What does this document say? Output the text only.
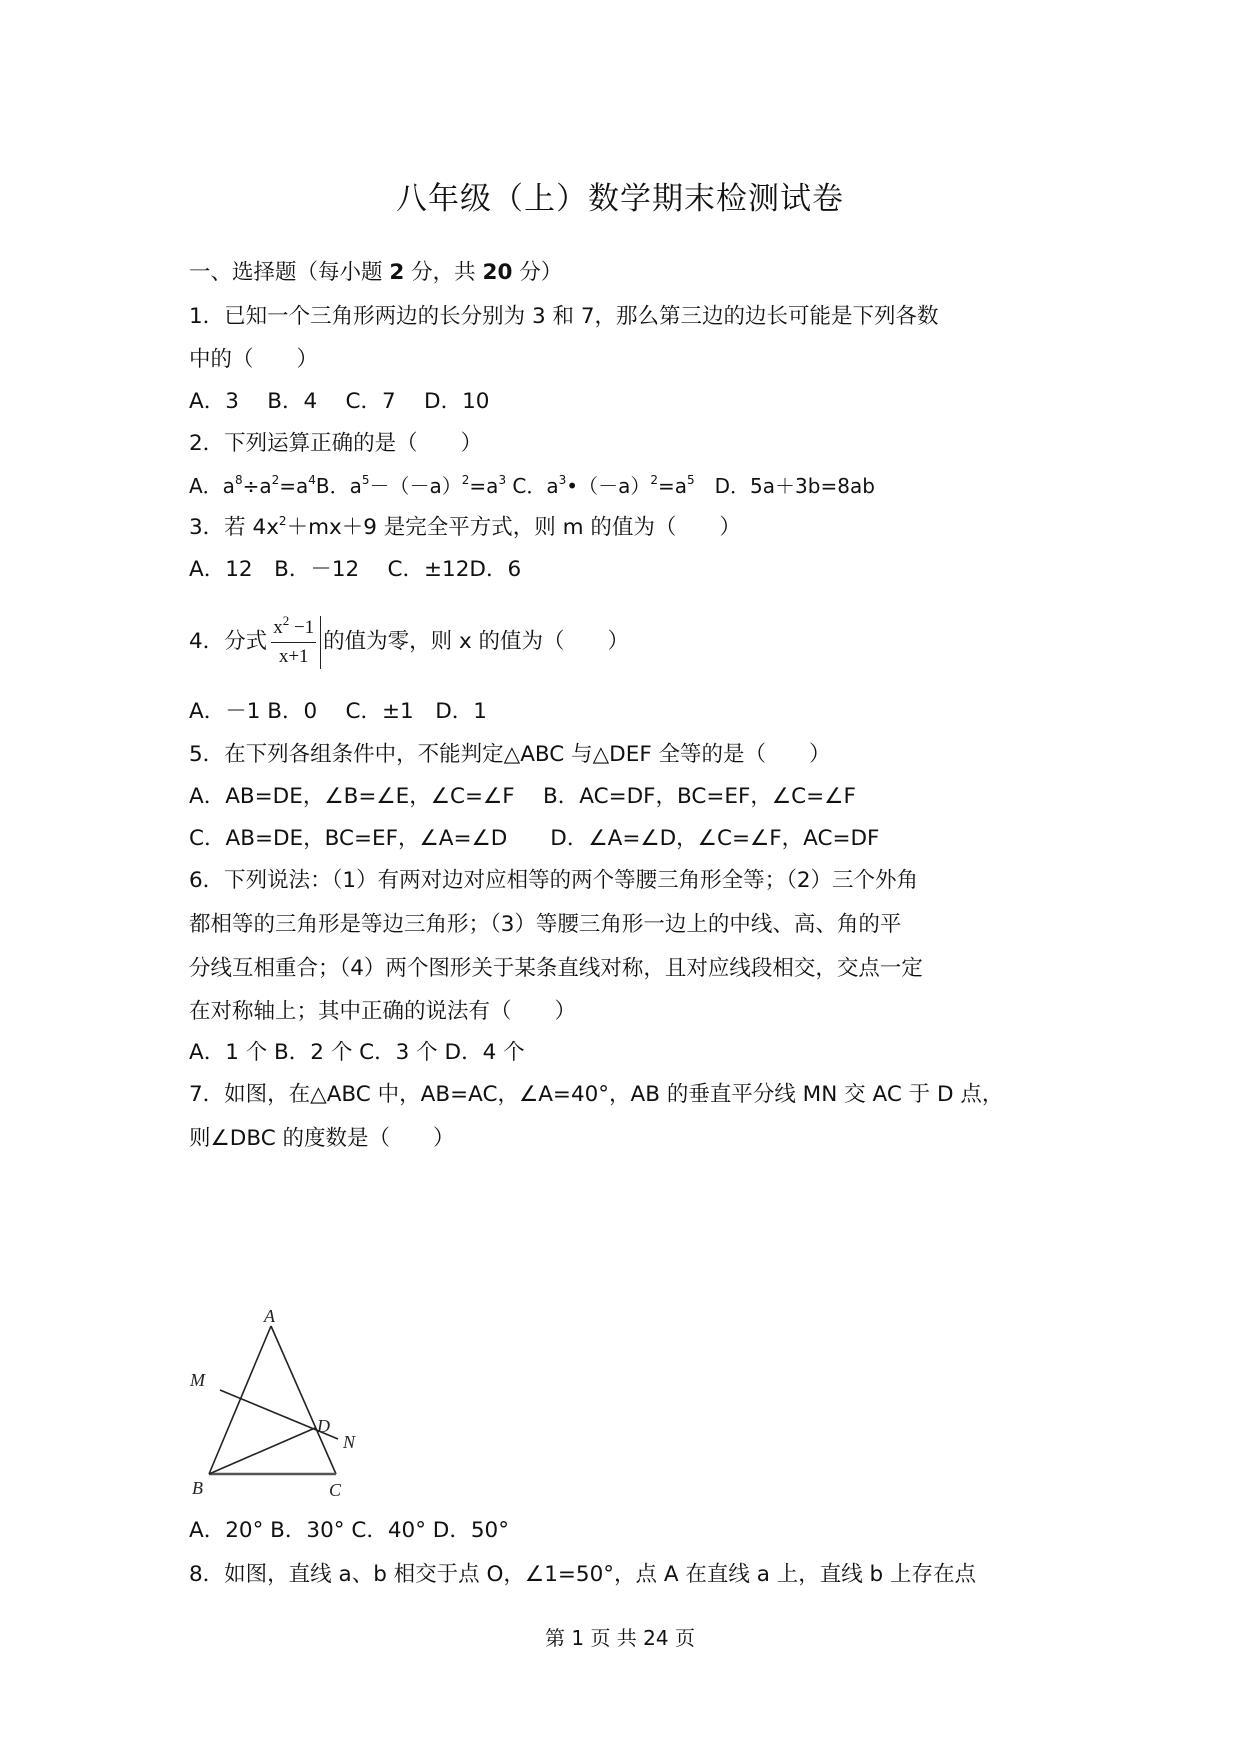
八年级（上）数学期末检测试卷
一、选择题（每小题 2 分，共 20 分）
1．已知一个三角形两边的长分别为 3 和 7，那么第三边的边长可能是下列各数
中的（　　）
A．3　 B．4　 C．7　 D．10
2．下列运算正确的是（　　）
A．$a^8\div a^2=a^4B$．$a^5-(-a)^2=a^3$ C．$a^3•(-a)^2=a^5$　D．5a＋3b=8ab
3．若 $4x^2+mx+9$ 是完全平方式，则 m 的值为（　　）
A．12　B．－12　 C．±12D．6
4．分式 $\frac{x^2 -1}{x+1}$ 的值为零，则 x 的值为（　　）
A．－1 B．0　 C．±1　D．1
5．在下列各组条件中，不能判定△ABC 与△DEF 全等的是（　　）
A．AB=DE，∠B=∠E，∠C=∠F　 B．AC=DF，BC=EF，∠C=∠F
C．AB=DE，BC=EF，∠A=∠D　　D．∠A=∠D，∠C=∠F，AC=DF
6．下列说法：（1）有两对边对应相等的两个等腰三角形全等；（2）三个外角
都相等的三角形是等边三角形；（3）等腰三角形一边上的中线、高、角的平
分线互相重合；（4）两个图形关于某条直线对称，且对应线段相交，交点一定
在对称轴上；其中正确的说法有（　　）
A．1 个 B．2 个 C．3 个 D．4 个
7．如图，在△ABC 中，AB=AC，∠A=40°，AB 的垂直平分线 MN 交 AC 于 D 点，
则∠DBC 的度数是（　　）
A
M
D
N
B	C
A．20° B．30° C．40° D．50°
8．如图，直线 a、b 相交于点 O，∠1=50°，点 A 在直线 a 上，直线 b 上存在点
第 1 页 共 24 页
